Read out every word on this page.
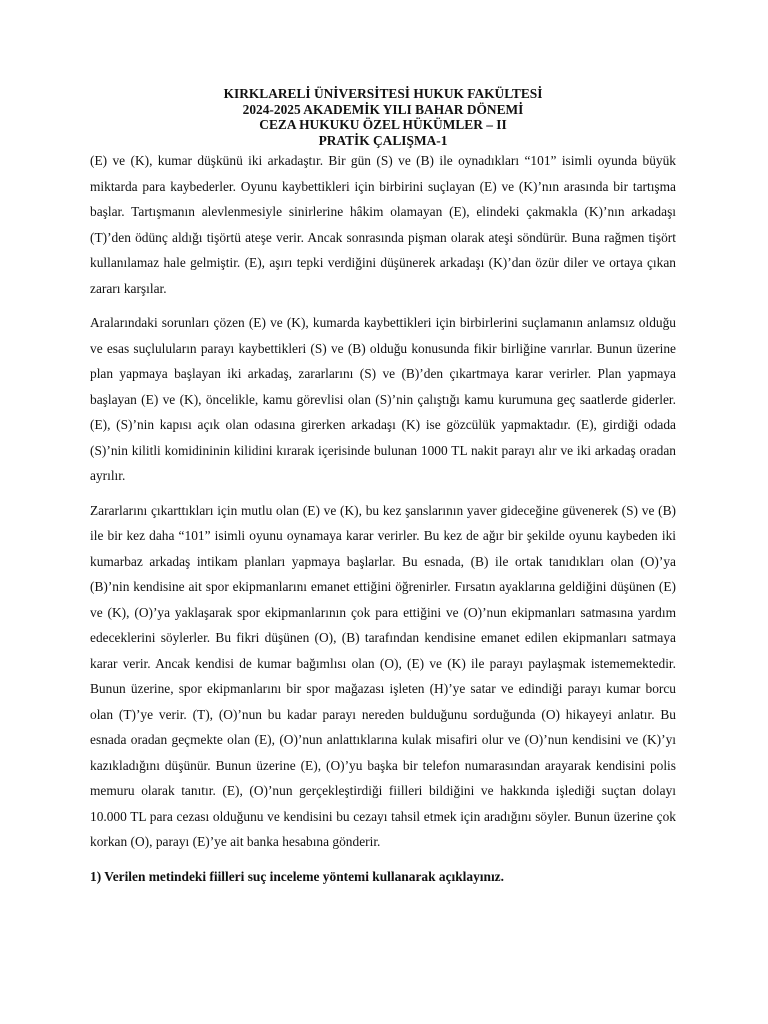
KIRKLARELİ ÜNİVERSİTESİ HUKUK FAKÜLTESİ
2024-2025 AKADEMİK YILI BAHAR DÖNEMİ
CEZA HUKUKU ÖZEL HÜKÜMLER – II
PRATİK ÇALIŞMA-1

(E) ve (K), kumar düşkünü iki arkadaştır. Bir gün (S) ve (B) ile oynadıkları “101” isimli oyunda büyük miktarda para kaybederler. Oyunu kaybettikleri için birbirini suçlayan (E) ve (K)’nın arasında bir tartışma başlar. Tartışmanın alevlenmesiyle sinirlerine hâkim olamayan (E), elindeki çakmakla (K)’nın arkadaşı (T)’den ödünç aldığı tişörtü ateşe verir. Ancak sonrasında pişman olarak ateşi söndürür. Buna rağmen tişört kullanılamaz hale gelmiştir. (E), aşırı tepki verdiğini düşünerek arkadaşı (K)’dan özür diler ve ortaya çıkan zararı karşılar.

Aralarındaki sorunları çözen (E) ve (K), kumarda kaybettikleri için birbirlerini suçlamanın anlamsız olduğu ve esas suçluluların parayı kaybettikleri (S) ve (B) olduğu konusunda fikir birliğine varırlar. Bunun üzerine plan yapmaya başlayan iki arkadaş, zararlarını (S) ve (B)’den çıkartmaya karar verirler. Plan yapmaya başlayan (E) ve (K), öncelikle, kamu görevlisi olan (S)’nin çalıştığı kamu kurumuna geç saatlerde giderler. (E), (S)’nin kapısı açık olan odasına girerken arkadaşı (K) ise gözcülük yapmaktadır. (E), girdiği odada (S)’nin kilitli komidininin kilidini kırarak içerisinde bulunan 1000 TL nakit parayı alır ve iki arkadaş oradan ayrılır.

Zararlarını çıkarttıkları için mutlu olan (E) ve (K), bu kez şanslarının yaver gideceğine güvenerek (S) ve (B) ile bir kez daha “101” isimli oyunu oynamaya karar verirler. Bu kez de ağır bir şekilde oyunu kaybeden iki kumarbaz arkadaş intikam planları yapmaya başlarlar. Bu esnada, (B) ile ortak tanıdıkları olan (O)’ya (B)’nin kendisine ait spor ekipmanlarını emanet ettiğini öğrenirler. Fırsatın ayaklarına geldiğini düşünen (E) ve (K), (O)’ya yaklaşarak spor ekipmanlarının çok para ettiğini ve (O)’nun ekipmanları satmasına yardım edeceklerini söylerler. Bu fikri düşünen (O), (B) tarafından kendisine emanet edilen ekipmanları satmaya karar verir. Ancak kendisi de kumar bağımlısı olan (O), (E) ve (K) ile parayı paylaşmak istememektedir. Bunun üzerine, spor ekipmanlarını bir spor mağazası işleten (H)’ye satar ve edindiği parayı kumar borcu olan (T)’ye verir. (T), (O)’nun bu kadar parayı nereden bulduğunu sorduğunda (O) hikayeyi anlatır. Bu esnada oradan geçmekte olan (E), (O)’nun anlattıklarına kulak misafiri olur ve (O)’nun kendisini ve (K)’yı kazıkladığını düşünür. Bunun üzerine (E), (O)’yu başka bir telefon numarasından arayarak kendisini polis memuru olarak tanıtır. (E), (O)’nun gerçekleştirdiği fiilleri bildiğini ve hakkında işlediği suçtan dolayı 10.000 TL para cezası olduğunu ve kendisini bu cezayı tahsil etmek için aradığını söyler. Bunun üzerine çok korkan (O), parayı (E)’ye ait banka hesabına gönderir.

1) Verilen metindeki fiilleri suç inceleme yöntemi kullanarak açıklayınız.
